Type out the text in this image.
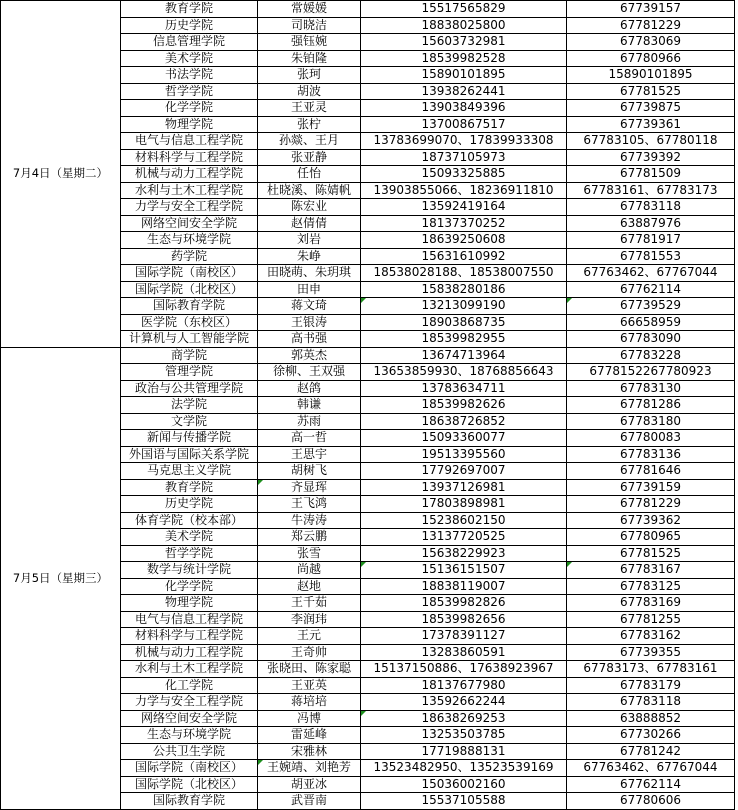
7月4日（星期二）	教育学院	常媛媛	15517565829	67739157
	历史学院	司晓洁	18838025800	67781229
	信息管理学院	强钰婉	15603732981	67783069
	美术学院	朱铂隆	18539982528	67780966
	书法学院	张珂	15890101895	15890101895
	哲学学院	胡波	13938262441	67781525
	化学学院	王亚灵	13903849396	67739875
	物理学院	张柠	13700867517	67739361
	电气与信息工程学院	孙燚、王月	13783699070、17839933308	67783105、67780118
	材料科学与工程学院	张亚静	18737105973	67739392
	机械与动力工程学院	任怡	15093325885	67781509
	水利与土木工程学院	杜晓溪、陈婧帆	13903855066、18236911810	67783161、67783173
	力学与安全工程学院	陈宏业	13592419164	67783118
	网络空间安全学院	赵倩倩	18137370252	63887976
	生态与环境学院	刘岩	18639250608	67781917
	药学院	朱峥	15631610992	67781553
	国际学院（南校区）	田晓萌、朱玥琪	18538028188、18538007550	67763462、67767044
	国际学院（北校区）	田申	15838280186	67762114
	国际教育学院	蒋文琦	13213099190	67739529
	医学院（东校区）	王银涛	18903868735	66658959
	计算机与人工智能学院	高书强	18539982955	67783090
7月5日（星期三）	商学院	郭英杰	13674713964	67783228
	管理学院	徐柳、王双强	13653859930、18768856643	67781522677809​23
	政治与公共管理学院	赵鸽	13783634711	67783130
	法学院	韩谦	18539982626	67781286
	文学院	苏雨	18638726852	67783180
	新闻与传播学院	高一哲	15093360077	67780083
	外国语与国际关系学院	王思宇	19513395560	67783136
	马克思主义学院	胡树飞	17792697007	67781646
	教育学院	齐显珲	13937126981	67739159
	历史学院	王飞鸿	17803898981	67781229
	体育学院（校本部）	牛涛涛	15238602150	67739362
	美术学院	郑云鹏	13137720525	67780965
	哲学学院	张雪	15638229923	67781525
	数学与统计学院	尚越	15136151507	67783167
	化学学院	赵地	18838119007	67783125
	物理学院	王千茹	18539982826	67783169
	电气与信息工程学院	李润玮	18539982656	67781255
	材料科学与工程学院	王元	17378391127	67783162
	机械与动力工程学院	王奇帅	13283860591	67739355
	水利与土木工程学院	张晓田、陈家聪	15137150886、17638923967	67783173、67783161
	化工学院	王亚英	18137677980	67783179
	力学与安全工程学院	蒋培培	13592662244	67783118
	网络空间安全学院	冯博	18638269253	63888852
	生态与环境学院	雷延峰	13253503785	67730266
	公共卫生学院	宋雅林	17719888131	67781242
	国际学院（南校区）	王婉靖、刘艳芳	13523482950、13523539169	67763462、67767044
	国际学院（北校区）	胡亚冰	15036002160	67762114
	国际教育学院	武晋南	15537105588	67780606
